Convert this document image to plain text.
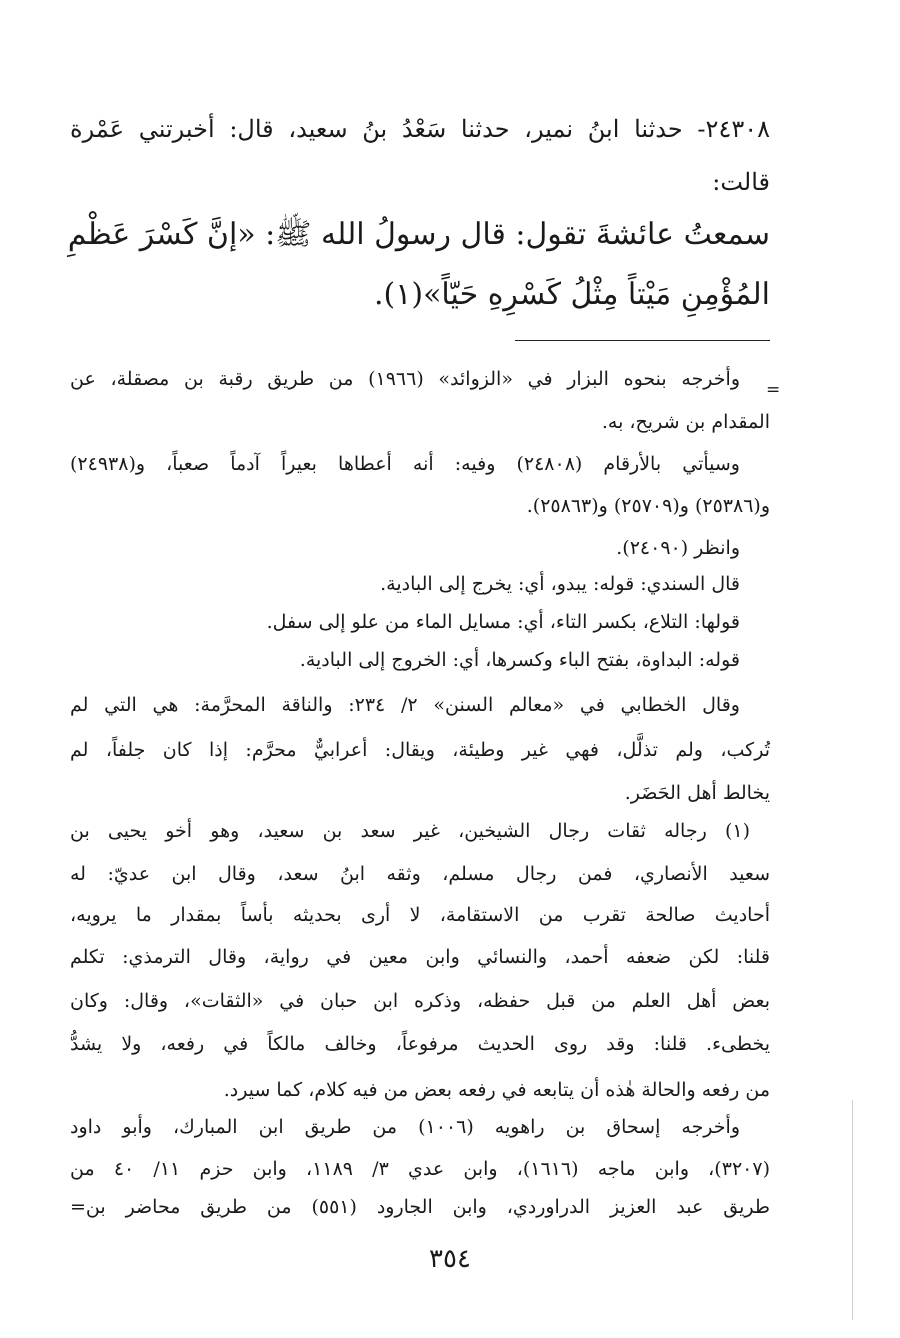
٢٤٣٠٨- حدثنا ابنُ نمير، حدثنا سَعْدُ بنُ سعيد، قال: أخبرتني عَمْرة
قالت:
سمعتُ عائشةَ تقول: قال رسولُ الله ﷺ: «إنَّ كَسْرَ عَظْمِ
المُؤْمِنِ مَيْتاً مِثْلُ كَسْرِهِ حَيّاً»(١).
=
وأخرجه بنحوه البزار في «الزوائد» (١٩٦٦) من طريق رقبة بن مصقلة، عن
المقدام بن شريح، به.
وسيأتي بالأرقام (٢٤٨٠٨) وفيه: أنه أعطاها بعيراً آدماً صعباً، و(٢٤٩٣٨)
و(٢٥٣٨٦) و(٢٥٧٠٩) و(٢٥٨٦٣).
وانظر (٢٤٠٩٠).
قال السندي: قوله: يبدو، أي: يخرج إلى البادية.
قولها: التلاع، بكسر التاء، أي: مسايل الماء من علو إلى سفل.
قوله: البداوة، بفتح الباء وكسرها، أي: الخروج إلى البادية.
وقال الخطابي في «معالم السنن» ٢/ ٢٣٤: والناقة المحرَّمة: هي التي لم
تُركب، ولم تذلَّل، فهي غير وطيئة، ويقال: أعرابيٌّ محرَّم: إذا كان جلفاً، لم
يخالط أهل الحَضَر.
(١) رجاله ثقات رجال الشيخين، غير سعد بن سعيد، وهو أخو يحيى بن
سعيد الأنصاري، فمن رجال مسلم، وثقه ابنُ سعد، وقال ابن عديّ: له
أحاديث صالحة تقرب من الاستقامة، لا أرى بحديثه بأساً بمقدار ما يرويه،
قلنا: لكن ضعفه أحمد، والنسائي وابن معين في رواية، وقال الترمذي: تكلم
بعض أهل العلم من قبل حفظه، وذكره ابن حبان في «الثقات»، وقال: وكان
يخطىء. قلنا: وقد روى الحديث مرفوعاً، وخالف مالكاً في رفعه، ولا يشدُّ
من رفعه والحالة هٰذه أن يتابعه في رفعه بعض من فيه كلام، كما سيرد.
وأخرجه إسحاق بن راهويه (١٠٠٦) من طريق ابن المبارك، وأبو داود
(٣٢٠٧)، وابن ماجه (١٦١٦)، وابن عدي ٣/ ١١٨٩، وابن حزم ١١/ ٤٠ من
طريق عبد العزيز الدراوردي، وابن الجارود (٥٥١) من طريق محاضر بن=
٣٥٤
